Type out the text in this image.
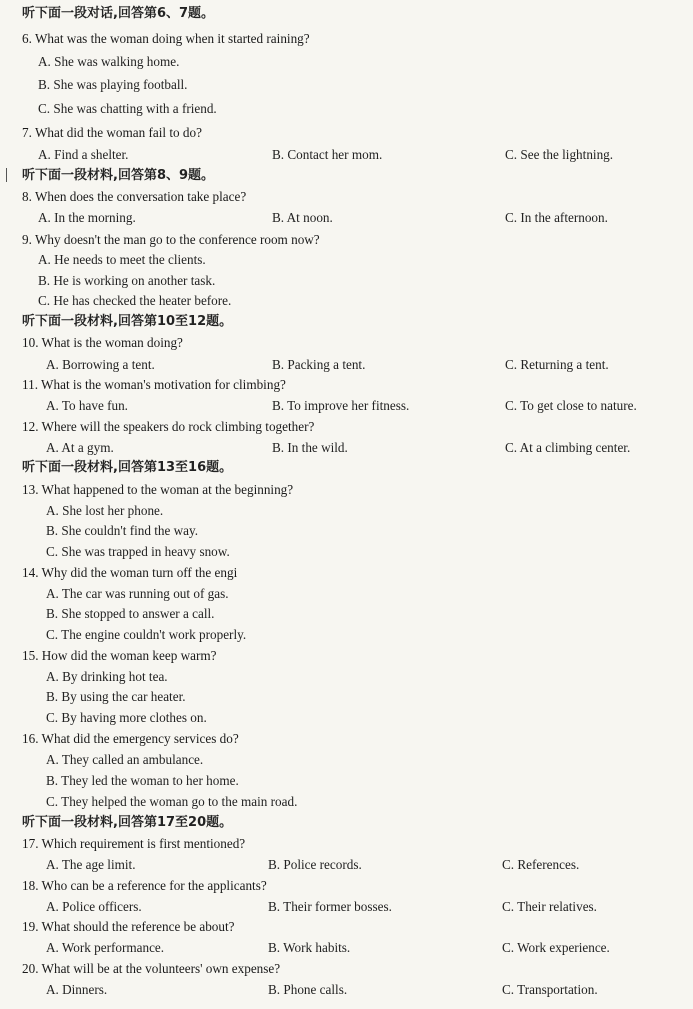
听下面一段对话,回答第6、7题。
6. What was the woman doing when it started raining?
A. She was walking home.
B. She was playing football.
C. She was chatting with a friend.
7. What did the woman fail to do?
A. Find a shelter.	B. Contact her mom.	C. See the lightning.
听下面一段材料,回答第8、9题。
8. When does the conversation take place?
A. In the morning.	B. At noon.	C. In the afternoon.
9. Why doesn't the man go to the conference room now?
A. He needs to meet the clients.
B. He is working on another task.
C. He has checked the heater before.
听下面一段材料,回答第10至12题。
10. What is the woman doing?
A. Borrowing a tent.	B. Packing a tent.	C. Returning a tent.
11. What is the woman's motivation for climbing?
A. To have fun.	B. To improve her fitness.	C. To get close to nature.
12. Where will the speakers do rock climbing together?
A. At a gym.	B. In the wild.	C. At a climbing center.
听下面一段材料,回答第13至16题。
13. What happened to the woman at the beginning?
A. She lost her phone.
B. She couldn't find the way.
C. She was trapped in heavy snow.
14. Why did the woman turn off the engi
A. The car was running out of gas.
B. She stopped to answer a call.
C. The engine couldn't work properly.
15. How did the woman keep warm?
A. By drinking hot tea.
B. By using the car heater.
C. By having more clothes on.
16. What did the emergency services do?
A. They called an ambulance.
B. They led the woman to her home.
C. They helped the woman go to the main road.
听下面一段材料,回答第17至20题。
17. Which requirement is first mentioned?
A. The age limit.	B. Police records.	C. References.
18. Who can be a reference for the applicants?
A. Police officers.	B. Their former bosses.	C. Their relatives.
19. What should the reference be about?
A. Work performance.	B. Work habits.	C. Work experience.
20. What will be at the volunteers' own expense?
A. Dinners.	B. Phone calls.	C. Transportation.
